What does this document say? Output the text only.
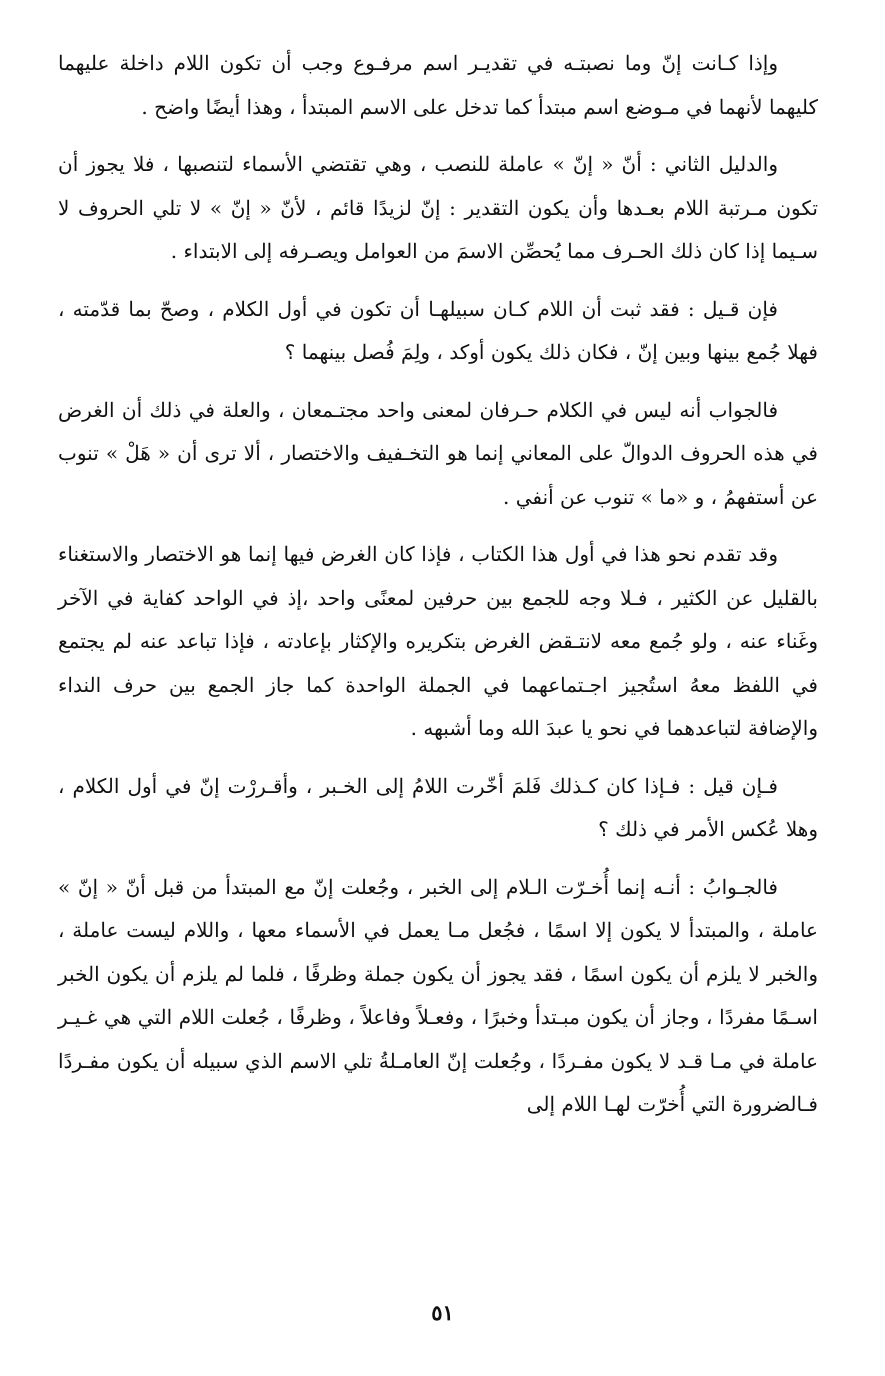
وإذا كـانت إنّ وما نصبتـه في تقديـر اسم مرفـوع وجب أن تكون اللام داخلة عليهما كليهما لأنهما في مـوضع اسم مبتدأ كما تدخل على الاسم المبتدأ ، وهذا أيضًا واضح .

والدليل الثاني : أنّ « إنّ » عاملة للنصب ، وهي تقتضي الأسماء لتنصبها ، فلا يجوز أن تكون مـرتبة اللام بعـدها وأن يكون التقدير : إنّ لزيدًا قائم ، لأنّ « إنّ » لا تلي الحروف لا سـيما إذا كان ذلك الحـرف مما يُحصِّن الاسمَ من العوامل ويصـرفه إلى الابتداء .

فإن قـيل : فقد ثبت أن اللام كـان سبيلهـا أن تكون في أول الكلام ، وصحّ بما قدّمته ، فهلا جُمع بينها وبين إنّ ، فكان ذلك يكون أوكد ، ولِمَ فُصل بينهما ؟

فالجواب أنه ليس في الكلام حـرفان لمعنى واحد مجتـمعان ، والعلة في ذلك أن الغرض في هذه الحروف الدوالّ على المعاني إنما هو التخـفيف والاختصار ، ألا ترى أن « هَلْ » تنوب عن أستفهمُ ، و «ما » تنوب عن أنفي .

وقد تقدم نحو هذا في أول هذا الكتاب ، فإذا كان الغرض فيها إنما هو الاختصار والاستغناء بالقليل عن الكثير ، فـلا وجه للجمع بين حرفين لمعنًى واحد ،إذ في الواحد كفاية في الآخر وغَناء عنه ، ولو جُمع معه لانتـقض الغرض بتكريره والإكثار بإعادته ، فإذا تباعد عنه لم يجتمع في اللفظ معهُ استُجيز اجـتماعهما في الجملة الواحدة كما جاز الجمع بين حرف النداء والإضافة لتباعدهما في نحو يا عبدَ الله وما أشبهه .

فـإن قيل : فـإذا كان كـذلك فَلمَ أخّرت اللامُ إلى الخـبر ، وأقـررْت إنّ في أول الكلام ، وهلا عُكس الأمر في ذلك ؟

فالجـوابُ : أنـه إنما أُخـرّت الـلام إلى الخبر ، وجُعلت إنّ مع المبتدأ من قبل أنّ « إنّ » عاملة ، والمبتدأ لا يكون إلا اسمًا ، فجُعل مـا يعمل في الأسماء معها ، واللام ليست عاملة ، والخبر لا يلزم أن يكون اسمًا ، فقد يجوز أن يكون جملة وظرفًا ، فلما لم يلزم أن يكون الخبر اسـمًا مفردًا ، وجاز أن يكون مبـتدأ وخبرًا ، وفعـلاً وفاعلاً ، وظرفًا ، جُعلت اللام التي هي غـيـر عاملة في مـا قـد لا يكون مفـردًا ، وجُعلت إنّ العامـلةُ تلي الاسم الذي سبيله أن يكون مفـردًا فـالضرورة التي أُخرّت لهـا اللام إلى

٥١
